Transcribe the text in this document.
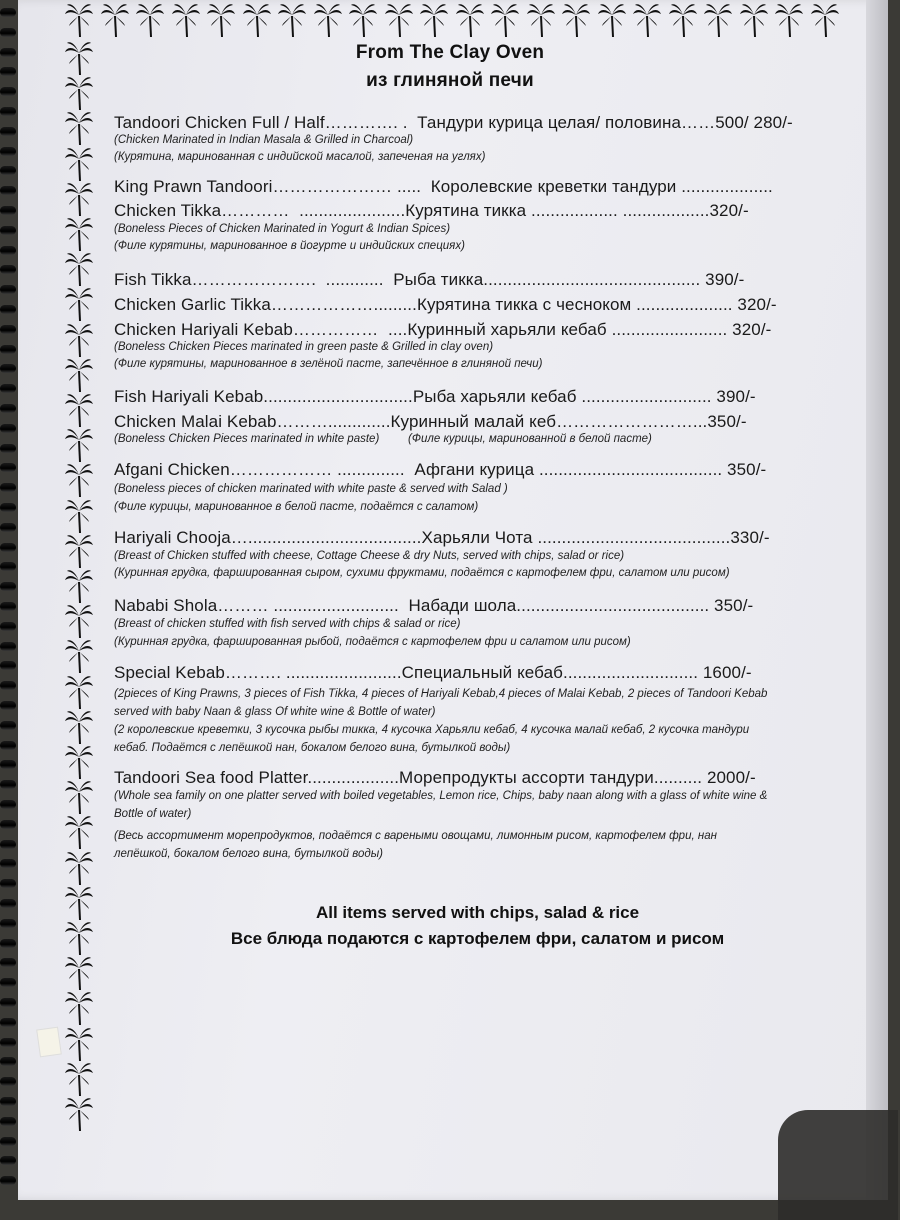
From The Clay Oven
из глиняной печи
Tandoori Chicken Full / Half…………. .  Тандури курица целая/ половина……500/ 280/-
(Chicken Marinated in Indian Masala & Grilled in Charcoal)
(Курятина, маринованная с индийской масалой, запеченая на углях)
King Prawn Tandoori………………… .....  Королевские креветки тандури ...................
Chicken Tikka…………  ......................Курятина тикка .................. ..................320/-
(Boneless Pieces of Chicken Marinated in Yogurt & Indian Spices)
(Филе курятины, маринованное в йогурте и индийских специях)
Fish Tikka………………….  ............  Рыба тикка............................................. 390/-
Chicken Garlic Tikka……………….........Курятина тикка с чесноком .................... 320/-
Chicken Hariyali Kebab……………  ....Куринный харьяли кебаб ........................ 320/-
(Boneless Chicken Pieces marinated in green paste & Grilled in clay oven)
(Филе курятины, маринованное в зелёной пасте, запечённое в глиняной печи)
Fish Hariyali Kebab...............................Рыба харьяли кебаб ........................... 390/-
Chicken Malai Kebab……….............Куринный малай кеб……………………...350/-
(Boneless Chicken Pieces marinated in white paste)         (Филе курицы, маринованной в белой пасте)
Afgani Chicken……………… ..............  Афгани курица ...................................... 350/-
(Boneless pieces of chicken marinated with white paste & served with Salad )
(Филе курицы, маринованное в белой пасте, подаётся с салатом)
Hariyali Chooja…....................................Харьяли Чота ........................................330/-
(Breast of Chicken stuffed with cheese, Cottage Cheese & dry Nuts, served with chips, salad or rice)
(Куринная грудка, фаршированная сыром, сухими фруктами, подаётся с картофелем фри, салатом или рисом)
Nababi Shola……… ..........................  Набади шола........................................ 350/-
(Breast of chicken stuffed with fish served with chips & salad or rice)
(Куринная грудка, фаршированная рыбой, подаётся с картофелем фри и салатом или рисом)
Special Kebab………. ........................Специальный кебаб............................ 1600/-
(2pieces of King Prawns, 3 pieces of Fish Tikka, 4 pieces of Hariyali Kebab,4 pieces of Malai Kebab, 2 pieces of Tandoori Kebab
served with baby Naan & glass Of white wine & Bottle of water)
(2 королевские креветки, 3 кусочка рыбы тикка, 4 кусочка Харьяли кебаб, 4 кусочка малай кебаб, 2 кусочка тандури
кебаб. Подаётся с лепёшкой нан, бокалом белого вина, бутылкой воды)
Tandoori Sea food Platter...................Морепродукты ассорти тандури.......... 2000/-
(Whole sea family on one platter served with boiled vegetables, Lemon rice, Chips, baby naan along with a glass of white wine &
Bottle of water)
(Весь ассортимент морепродуктов, подаётся с вареными овощами, лимонным рисом, картофелем фри, нан
лепёшкой, бокалом белого вина, бутылкой воды)
All items served with chips, salad & rice
Все блюда подаются с картофелем фри, салатом и рисом
